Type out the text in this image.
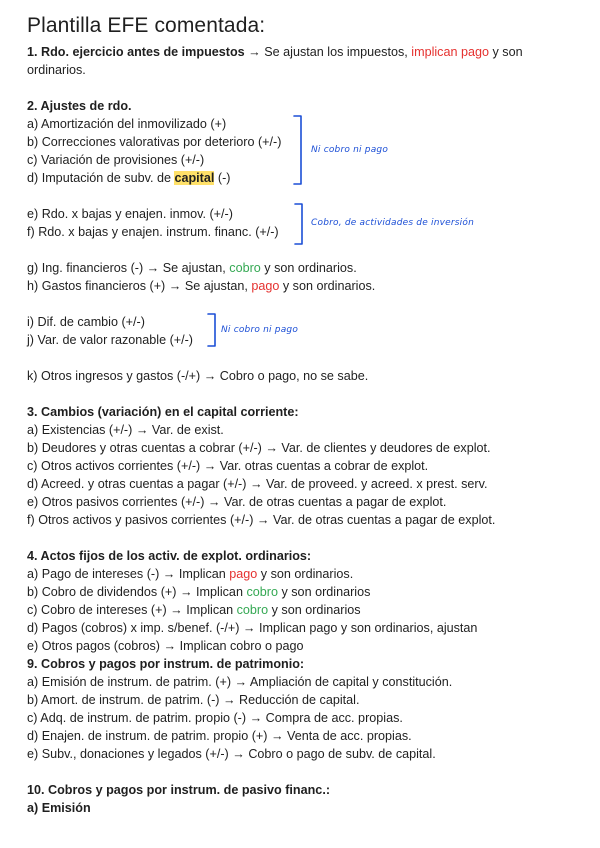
Plantilla EFE comentada:
1. Rdo. ejercicio antes de impuestos → Se ajustan los impuestos, implican pago y son
ordinarios.
2. Ajustes de rdo.
a) Amortización del inmovilizado (+)
b) Correcciones valorativas por deterioro (+/-)
c) Variación de provisiones (+/-)
d) Imputación de subv. de capital (-)
Ni cobro ni pago
e) Rdo. x bajas y enajen. inmov. (+/-)
f) Rdo. x bajas y enajen. instrum. financ. (+/-)
Cobro, de actividades de inversión
g) Ing. financieros (-) → Se ajustan, cobro y son ordinarios.
h) Gastos financieros (+) → Se ajustan, pago y son ordinarios.
i) Dif. de cambio (+/-)
j) Var. de valor razonable (+/-)
Ni cobro ni pago
k) Otros ingresos y gastos (-/+) → Cobro o pago, no se sabe.
3. Cambios (variación) en el capital corriente:
a) Existencias (+/-) → Var. de exist.
b) Deudores y otras cuentas a cobrar (+/-) → Var. de clientes y deudores de explot.
c) Otros activos corrientes (+/-) → Var. otras cuentas a cobrar de explot.
d) Acreed. y otras cuentas a pagar (+/-) → Var. de proveed. y acreed. x prest. serv.
e) Otros pasivos corrientes (+/-) → Var. de otras cuentas a pagar de explot.
f) Otros activos y pasivos corrientes (+/-) → Var. de otras cuentas a pagar de explot.
4. Actos fijos de los activ. de explot. ordinarios:
a) Pago de intereses (-) → Implican pago y son ordinarios.
b) Cobro de dividendos (+) → Implican cobro y son ordinarios
c) Cobro de intereses (+) → Implican cobro y son ordinarios
d) Pagos (cobros) x imp. s/benef. (-/+) → Implican pago y son ordinarios, ajustan
e) Otros pagos (cobros) → Implican cobro o pago
9. Cobros y pagos por instrum. de patrimonio:
a) Emisión de instrum. de patrim. (+) → Ampliación de capital y constitución.
b) Amort. de instrum. de patrim. (-) → Reducción de capital.
c) Adq. de instrum. de patrim. propio (-) → Compra de acc. propias.
d) Enajen. de instrum. de patrim. propio (+) → Venta de acc. propias.
e) Subv., donaciones y legados (+/-) → Cobro o pago de subv. de capital.
10. Cobros y pagos por instrum. de pasivo financ.:
a) Emisión
